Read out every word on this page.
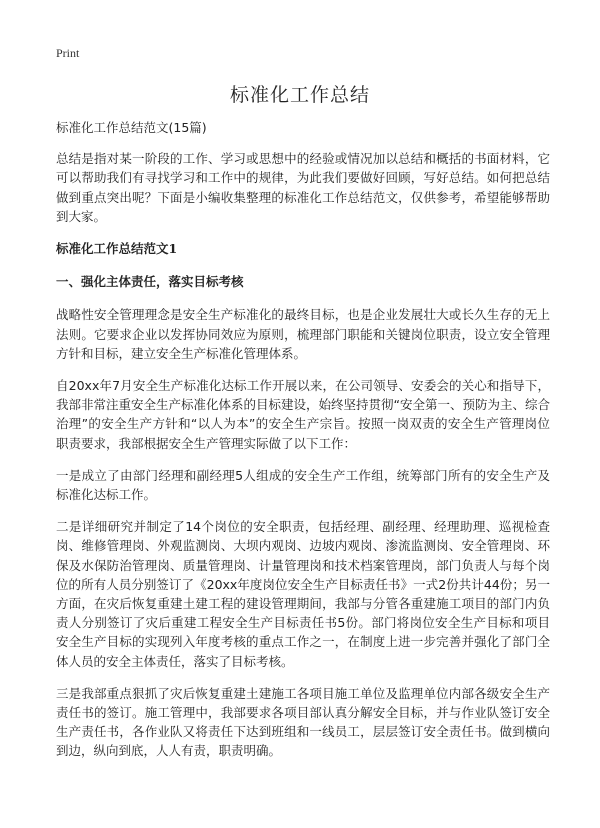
Print
标准化工作总结

标准化工作总结范文(15篇)

总结是指对某一阶段的工作、学习或思想中的经验或情况加以总结和概括的书面材料，它可以帮助我们有寻找学习和工作中的规律，为此我们要做好回顾，写好总结。如何把总结做到重点突出呢？下面是小编收集整理的标准化工作总结范文，仅供参考，希望能够帮助到大家。

标准化工作总结范文1

一、强化主体责任，落实目标考核

战略性安全管理理念是安全生产标准化的最终目标，也是企业发展壮大或长久生存的无上法则。它要求企业以发挥协同效应为原则，梳理部门职能和关键岗位职责，设立安全管理方针和目标，建立安全生产标准化管理体系。

自20xx年7月安全生产标准化达标工作开展以来，在公司领导、安委会的关心和指导下，我部非常注重安全生产标准化体系的目标建设，始终坚持贯彻“安全第一、预防为主、综合治理”的安全生产方针和“以人为本”的安全生产宗旨。按照一岗双责的安全生产管理岗位职责要求，我部根据安全生产管理实际做了以下工作：

一是成立了由部门经理和副经理5人组成的安全生产工作组，统筹部门所有的安全生产及标准化达标工作。

二是详细研究并制定了14个岗位的安全职责，包括经理、副经理、经理助理、巡视检查岗、维修管理岗、外观监测岗、大坝内观岗、边坡内观岗、渗流监测岗、安全管理岗、环保及水保防治管理岗、质量管理岗、计量管理岗和技术档案管理岗，部门负责人与每个岗位的所有人员分别签订了《20xx年度岗位安全生产目标责任书》一式2份共计44份；另一方面，在灾后恢复重建土建工程的建设管理期间，我部与分管各重建施工项目的部门内负责人分别签订了灾后重建工程安全生产目标责任书5份。部门将岗位安全生产目标和项目安全生产目标的实现列入年度考核的重点工作之一，在制度上进一步完善并强化了部门全体人员的安全主体责任，落实了目标考核。

三是我部重点狠抓了灾后恢复重建土建施工各项目施工单位及监理单位内部各级安全生产责任书的签订。施工管理中，我部要求各项目部认真分解安全目标，并与作业队签订安全生产责任书，各作业队又将责任下达到班组和一线员工，层层签订安全责任书。做到横向到边，纵向到底，人人有责，职责明确。
